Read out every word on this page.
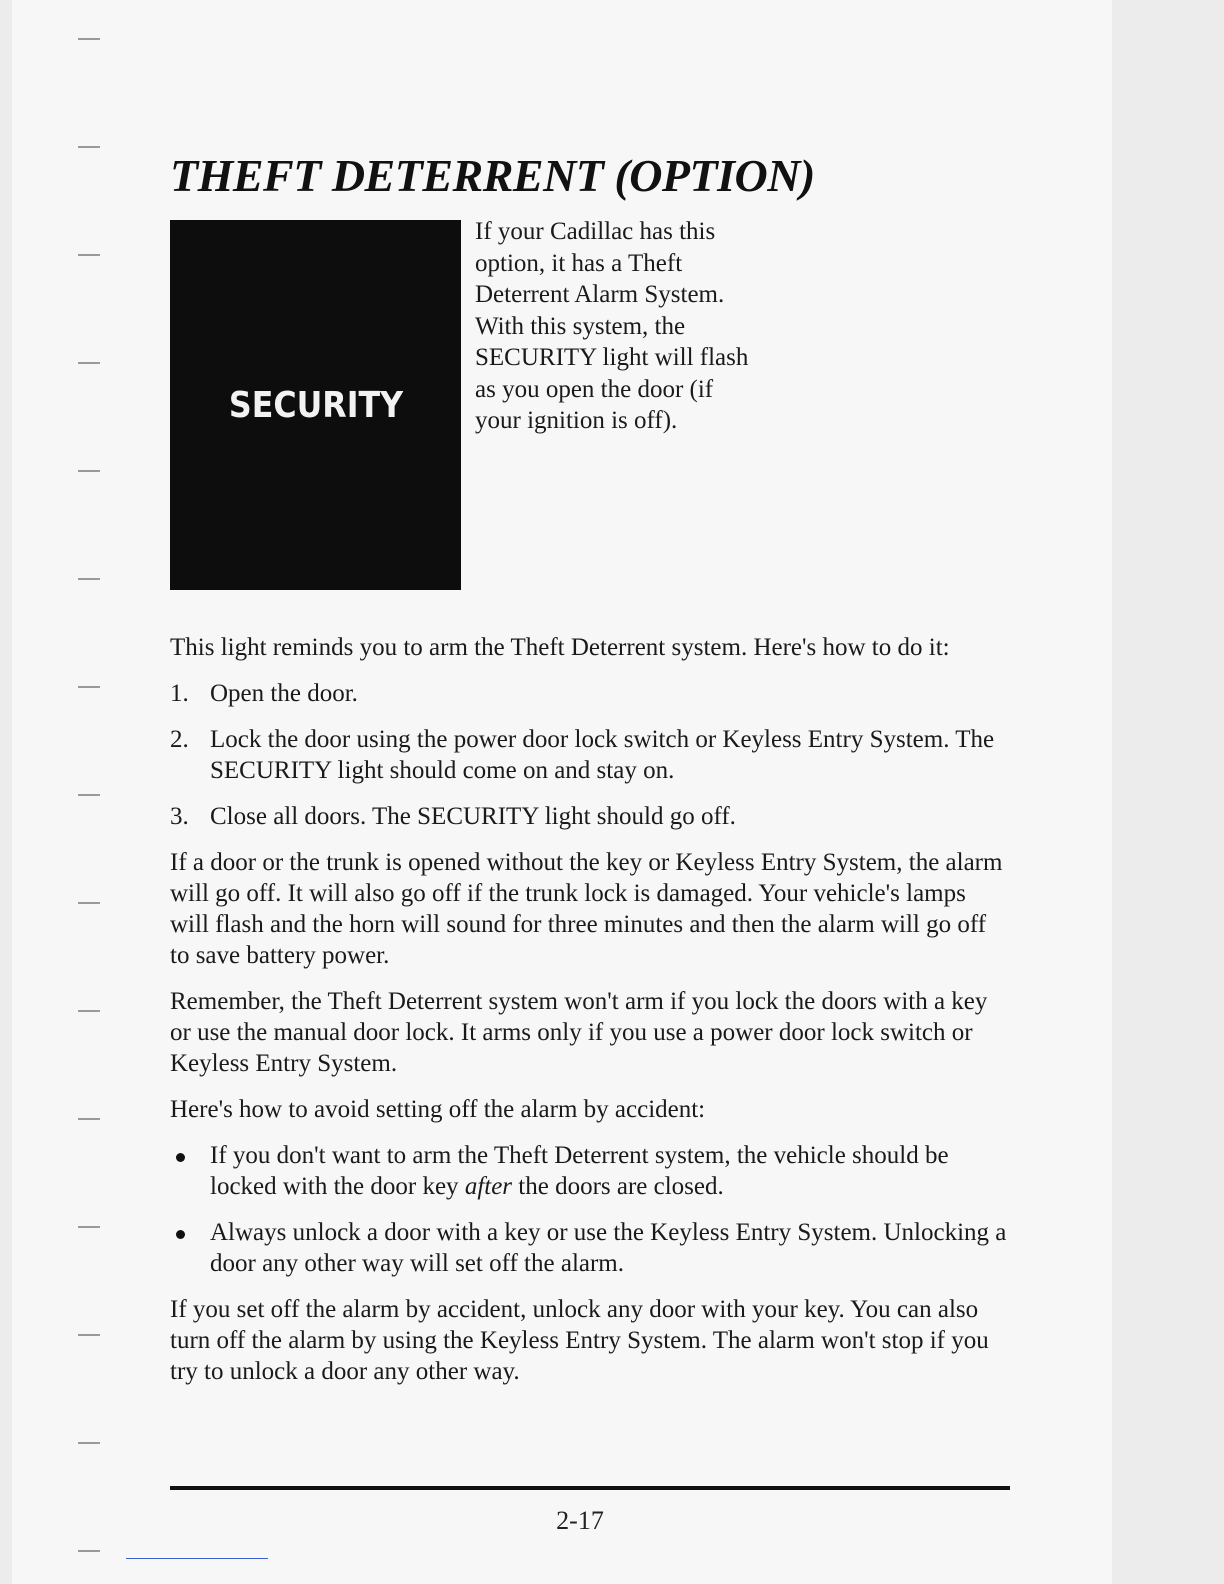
THEFT DETERRENT (OPTION)
SECURITY

If your Cadillac has this option, it has a Theft Deterrent Alarm System. With this system, the SECURITY light will flash as you open the door (if your ignition is off).

This light reminds you to arm the Theft Deterrent system. Here's how to do it:

1. Open the door.
2. Lock the door using the power door lock switch or Keyless Entry System. The SECURITY light should come on and stay on.
3. Close all doors. The SECURITY light should go off.

If a door or the trunk is opened without the key or Keyless Entry System, the alarm will go off. It will also go off if the trunk lock is damaged. Your vehicle's lamps will flash and the horn will sound for three minutes and then the alarm will go off to save battery power.

Remember, the Theft Deterrent system won't arm if you lock the doors with a key or use the manual door lock. It arms only if you use a power door lock switch or Keyless Entry System.

Here's how to avoid setting off the alarm by accident:

If you don't want to arm the Theft Deterrent system, the vehicle should be locked with the door key after the doors are closed.
Always unlock a door with a key or use the Keyless Entry System. Unlocking a door any other way will set off the alarm.

If you set off the alarm by accident, unlock any door with your key. You can also turn off the alarm by using the Keyless Entry System. The alarm won't stop if you try to unlock a door any other way.

2-17
